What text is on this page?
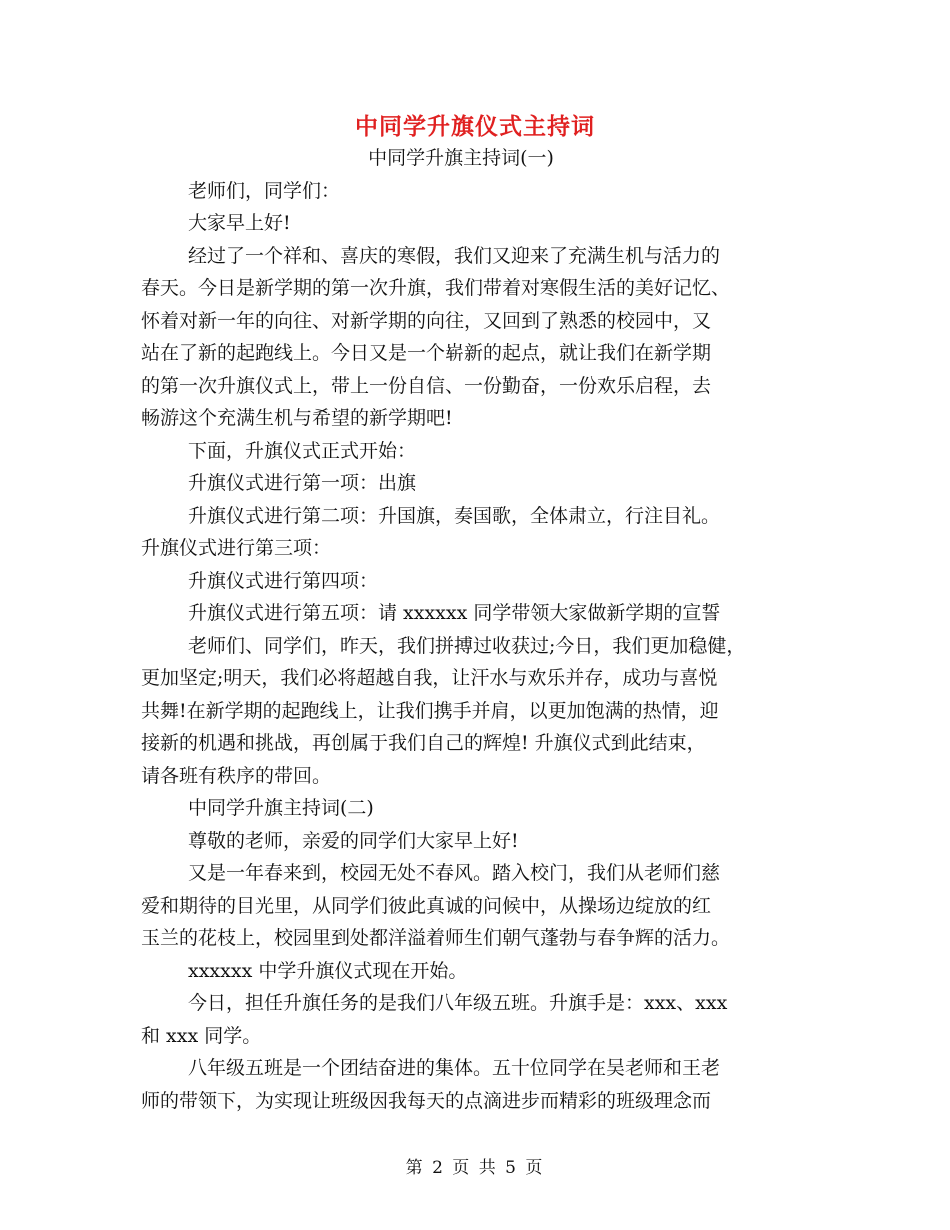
中同学升旗仪式主持词
中同学升旗主持词(一)
老师们，同学们：
大家早上好!
经过了一个祥和、喜庆的寒假，我们又迎来了充满生机与活力的
春天。今日是新学期的第一次升旗，我们带着对寒假生活的美好记忆、
怀着对新一年的向往、对新学期的向往，又回到了熟悉的校园中，又
站在了新的起跑线上。今日又是一个崭新的起点，就让我们在新学期
的第一次升旗仪式上，带上一份自信、一份勤奋，一份欢乐启程，去
畅游这个充满生机与希望的新学期吧!
下面，升旗仪式正式开始：
升旗仪式进行第一项：出旗
升旗仪式进行第二项：升国旗，奏国歌，全体肃立，行注目礼。
升旗仪式进行第三项：
升旗仪式进行第四项：
升旗仪式进行第五项：请 xxxxxx 同学带领大家做新学期的宣誓
老师们、同学们，昨天，我们拼搏过收获过;今日，我们更加稳健，
更加坚定;明天，我们必将超越自我，让汗水与欢乐并存，成功与喜悦
共舞!在新学期的起跑线上，让我们携手并肩，以更加饱满的热情，迎
接新的机遇和挑战，再创属于我们自己的辉煌! 升旗仪式到此结束，
请各班有秩序的带回。
中同学升旗主持词(二)
尊敬的老师，亲爱的同学们大家早上好!
又是一年春来到，校园无处不春风。踏入校门，我们从老师们慈
爱和期待的目光里，从同学们彼此真诚的问候中，从操场边绽放的红
玉兰的花枝上，校园里到处都洋溢着师生们朝气蓬勃与春争辉的活力。
xxxxxx 中学升旗仪式现在开始。
今日，担任升旗任务的是我们八年级五班。升旗手是：xxx、xxx
和 xxx 同学。
八年级五班是一个团结奋进的集体。五十位同学在吴老师和王老
师的带领下，为实现让班级因我每天的点滴进步而精彩的班级理念而
第 2 页 共 5 页
